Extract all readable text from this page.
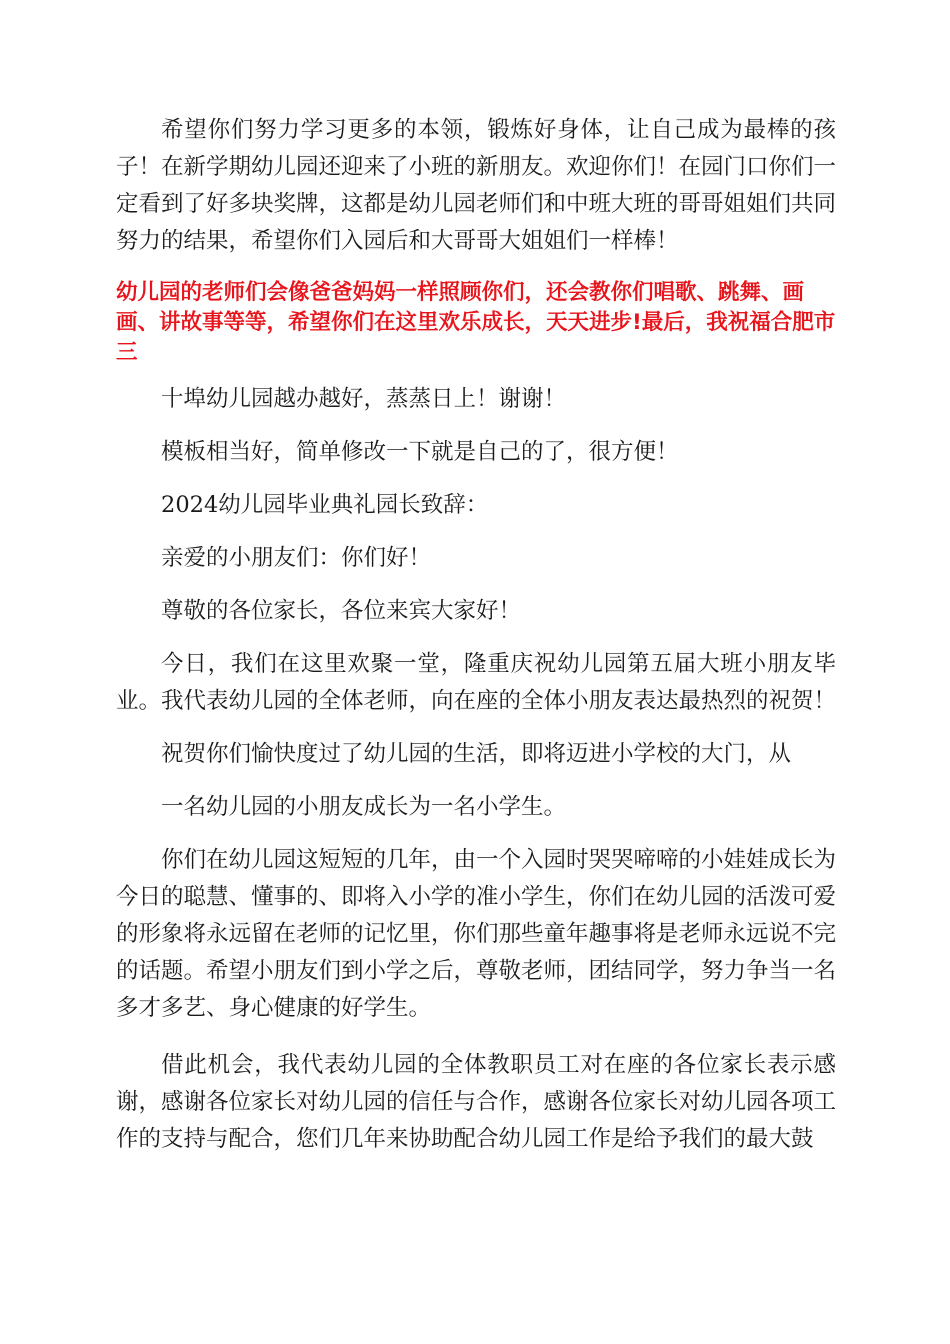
希望你们努力学习更多的本领，锻炼好身体，让自己成为最棒的孩子！在新学期幼儿园还迎来了小班的新朋友。欢迎你们！在园门口你们一定看到了好多块奖牌，这都是幼儿园老师们和中班大班的哥哥姐姐们共同努力的结果，希望你们入园后和大哥哥大姐姐们一样棒！

幼儿园的老师们会像爸爸妈妈一样照顾你们，还会教你们唱歌、跳舞、画画、讲故事等等，希望你们在这里欢乐成长，天天进步!最后，我祝福合肥市三

十埠幼儿园越办越好，蒸蒸日上！谢谢！

模板相当好，简单修改一下就是自己的了，很方便！

2024幼儿园毕业典礼园长致辞：

亲爱的小朋友们：你们好！

尊敬的各位家长，各位来宾大家好！

今日，我们在这里欢聚一堂，隆重庆祝幼儿园第五届大班小朋友毕业。我代表幼儿园的全体老师，向在座的全体小朋友表达最热烈的祝贺！

祝贺你们愉快度过了幼儿园的生活，即将迈进小学校的大门，从

一名幼儿园的小朋友成长为一名小学生。

你们在幼儿园这短短的几年，由一个入园时哭哭啼啼的小娃娃成长为今日的聪慧、懂事的、即将入小学的准小学生，你们在幼儿园的活泼可爱的形象将永远留在老师的记忆里，你们那些童年趣事将是老师永远说不完的话题。希望小朋友们到小学之后，尊敬老师，团结同学，努力争当一名多才多艺、身心健康的好学生。

借此机会，我代表幼儿园的全体教职员工对在座的各位家长表示感谢，感谢各位家长对幼儿园的信任与合作，感谢各位家长对幼儿园各项工作的支持与配合，您们几年来协助配合幼儿园工作是给予我们的最大鼓
